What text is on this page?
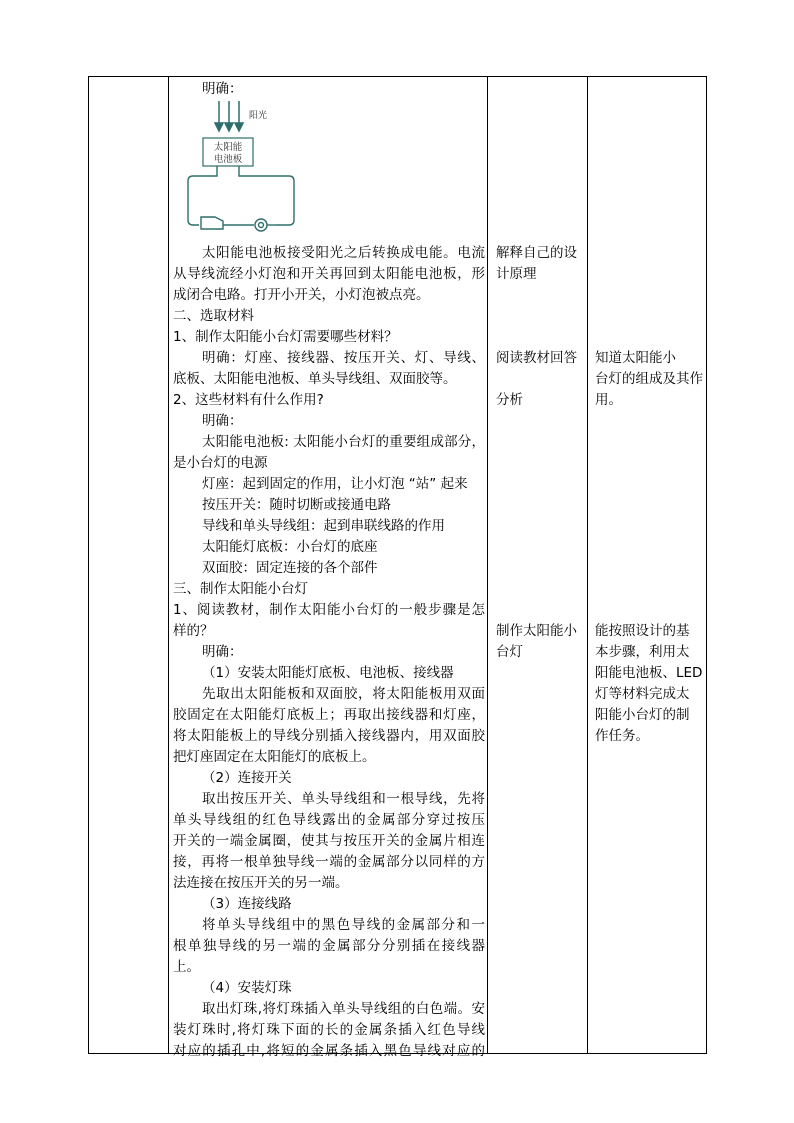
明确：
阳光
太阳能
电池板
太阳能电池板接受阳光之后转换成电能。电流
从导线流经小灯泡和开关再回到太阳能电池板，形
成闭合电路。打开小开关，小灯泡被点亮。
二、选取材料
1、制作太阳能小台灯需要哪些材料？
明确：灯座、接线器、按压开关、灯、导线、
底板、太阳能电池板、单头导线组、双面胶等。
2、这些材料有什么作用?
明确：
太阳能电池板: 太阳能小台灯的重要组成部分，
是小台灯的电源
灯座：起到固定的作用，让小灯泡 “站” 起来
按压开关：随时切断或接通电路
导线和单头导线组：起到串联线路的作用
太阳能灯底板：小台灯的底座
双面胶：固定连接的各个部件
三、制作太阳能小台灯
1、阅读教材，制作太阳能小台灯的一般步骤是怎
样的？
明确：
（1）安装太阳能灯底板、电池板、接线器
先取出太阳能板和双面胶，将太阳能板用双面
胶固定在太阳能灯底板上；再取出接线器和灯座，
将太阳能板上的导线分别插入接线器内，用双面胶
把灯座固定在太阳能灯的底板上。
（2）连接开关
取出按压开关、单头导线组和一根导线，先将
单头导线组的红色导线露出的金属部分穿过按压
开关的一端金属圈，使其与按压开关的金属片相连
接，再将一根单独导线一端的金属部分以同样的方
法连接在按压开关的另一端。
（3）连接线路
将单头导线组中的黑色导线的金属部分和一
根单独导线的另一端的金属部分分别插在接线器
上。
（4）安装灯珠
取出灯珠,将灯珠插入单头导线组的白色端。安
装灯珠时,将灯珠下面的长的金属条插入红色导线
对应的插孔中,将短的金属条插入黑色导线对应的
解释自己的设
计原理
阅读教材回答
分析
制作太阳能小
台灯
知道太阳能小
台灯的组成及其作
用。
能按照设计的基
本步骤，利用太
阳能电池板、LED
灯等材料完成太
阳能小台灯的制
作任务。
